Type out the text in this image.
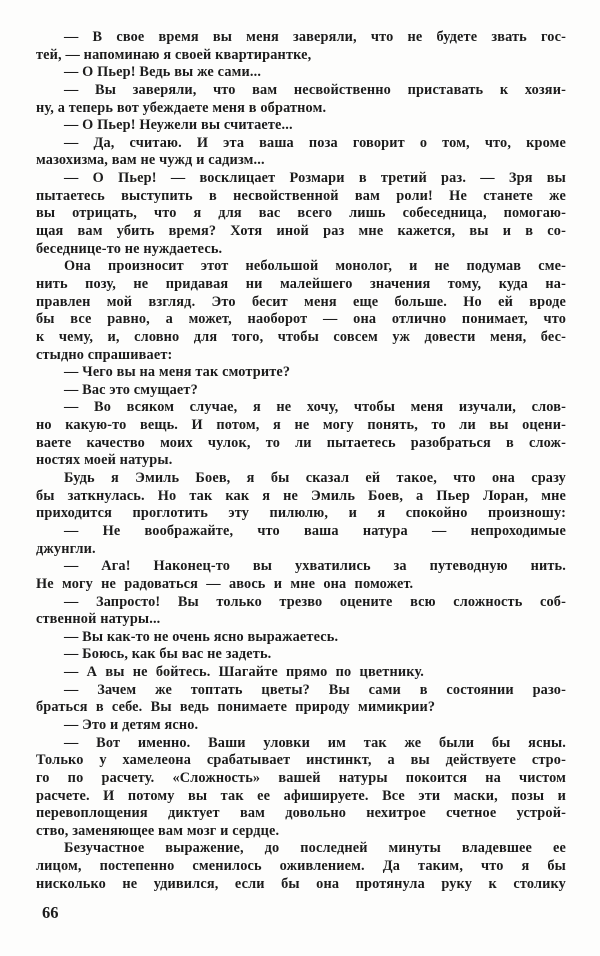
— В свое время вы меня заверяли, что не будете звать гос-
тей, — напоминаю я своей квартирантке,
— О Пьер! Ведь вы же сами...
— Вы заверяли, что вам несвойственно приставать к хозяи-
ну, а теперь вот убеждаете меня в обратном.
— О Пьер! Неужели вы считаете...
— Да, считаю. И эта ваша поза говорит о том, что, кроме
мазохизма, вам не чужд и садизм...
— О Пьер! — восклицает Розмари в третий раз. — Зря вы
пытаетесь выступить в несвойственной вам роли! Не станете же
вы отрицать, что я для вас всего лишь собеседница, помогаю-
щая вам убить время? Хотя иной раз мне кажется, вы и в со-
беседнице-то не нуждаетесь.
Она произносит этот небольшой монолог, и не подумав сме-
нить позу, не придавая ни малейшего значения тому, куда на-
правлен мой взгляд. Это бесит меня еще больше. Но ей вроде
бы все равно, а может, наоборот — она отлично понимает, что
к чему, и, словно для того, чтобы совсем уж довести меня, бес-
стыдно спрашивает:
— Чего вы на меня так смотрите?
— Вас это смущает?
— Во всяком случае, я не хочу, чтобы меня изучали, слов-
но какую-то вещь. И потом, я не могу понять, то ли вы оцени-
ваете качество моих чулок, то ли пытаетесь разобраться в слож-
ностях моей натуры.
Будь я Эмиль Боев, я бы сказал ей такое, что она сразу
бы заткнулась. Но так как я не Эмиль Боев, а Пьер Лоран, мне
приходится проглотить эту пилюлю, и я спокойно произношу:
— Не воображайте, что ваша натура — непроходимые
джунгли.
— Ага! Наконец-то вы ухватились за путеводную нить.
Не могу не радоваться — авось и мне она поможет.
— Запросто! Вы только трезво оцените всю сложность соб-
ственной натуры...
— Вы как-то не очень ясно выражаетесь.
— Боюсь, как бы вас не задеть.
— А вы не бойтесь. Шагайте прямо по цветнику.
— Зачем же топтать цветы? Вы сами в состоянии разо-
браться в себе. Вы ведь понимаете природу мимикрии?
— Это и детям ясно.
— Вот именно. Ваши уловки им так же были бы ясны.
Только у хамелеона срабатывает инстинкт, а вы действуете стро-
го по расчету. «Сложность» вашей натуры покоится на чистом
расчете. И потому вы так ее афишируете. Все эти маски, позы и
перевоплощения диктует вам довольно нехитрое счетное устрой-
ство, заменяющее вам мозг и сердце.
Безучастное выражение, до последней минуты владевшее ее
лицом, постепенно сменилось оживлением. Да таким, что я бы
нисколько не удивился, если бы она протянула руку к столику
66
